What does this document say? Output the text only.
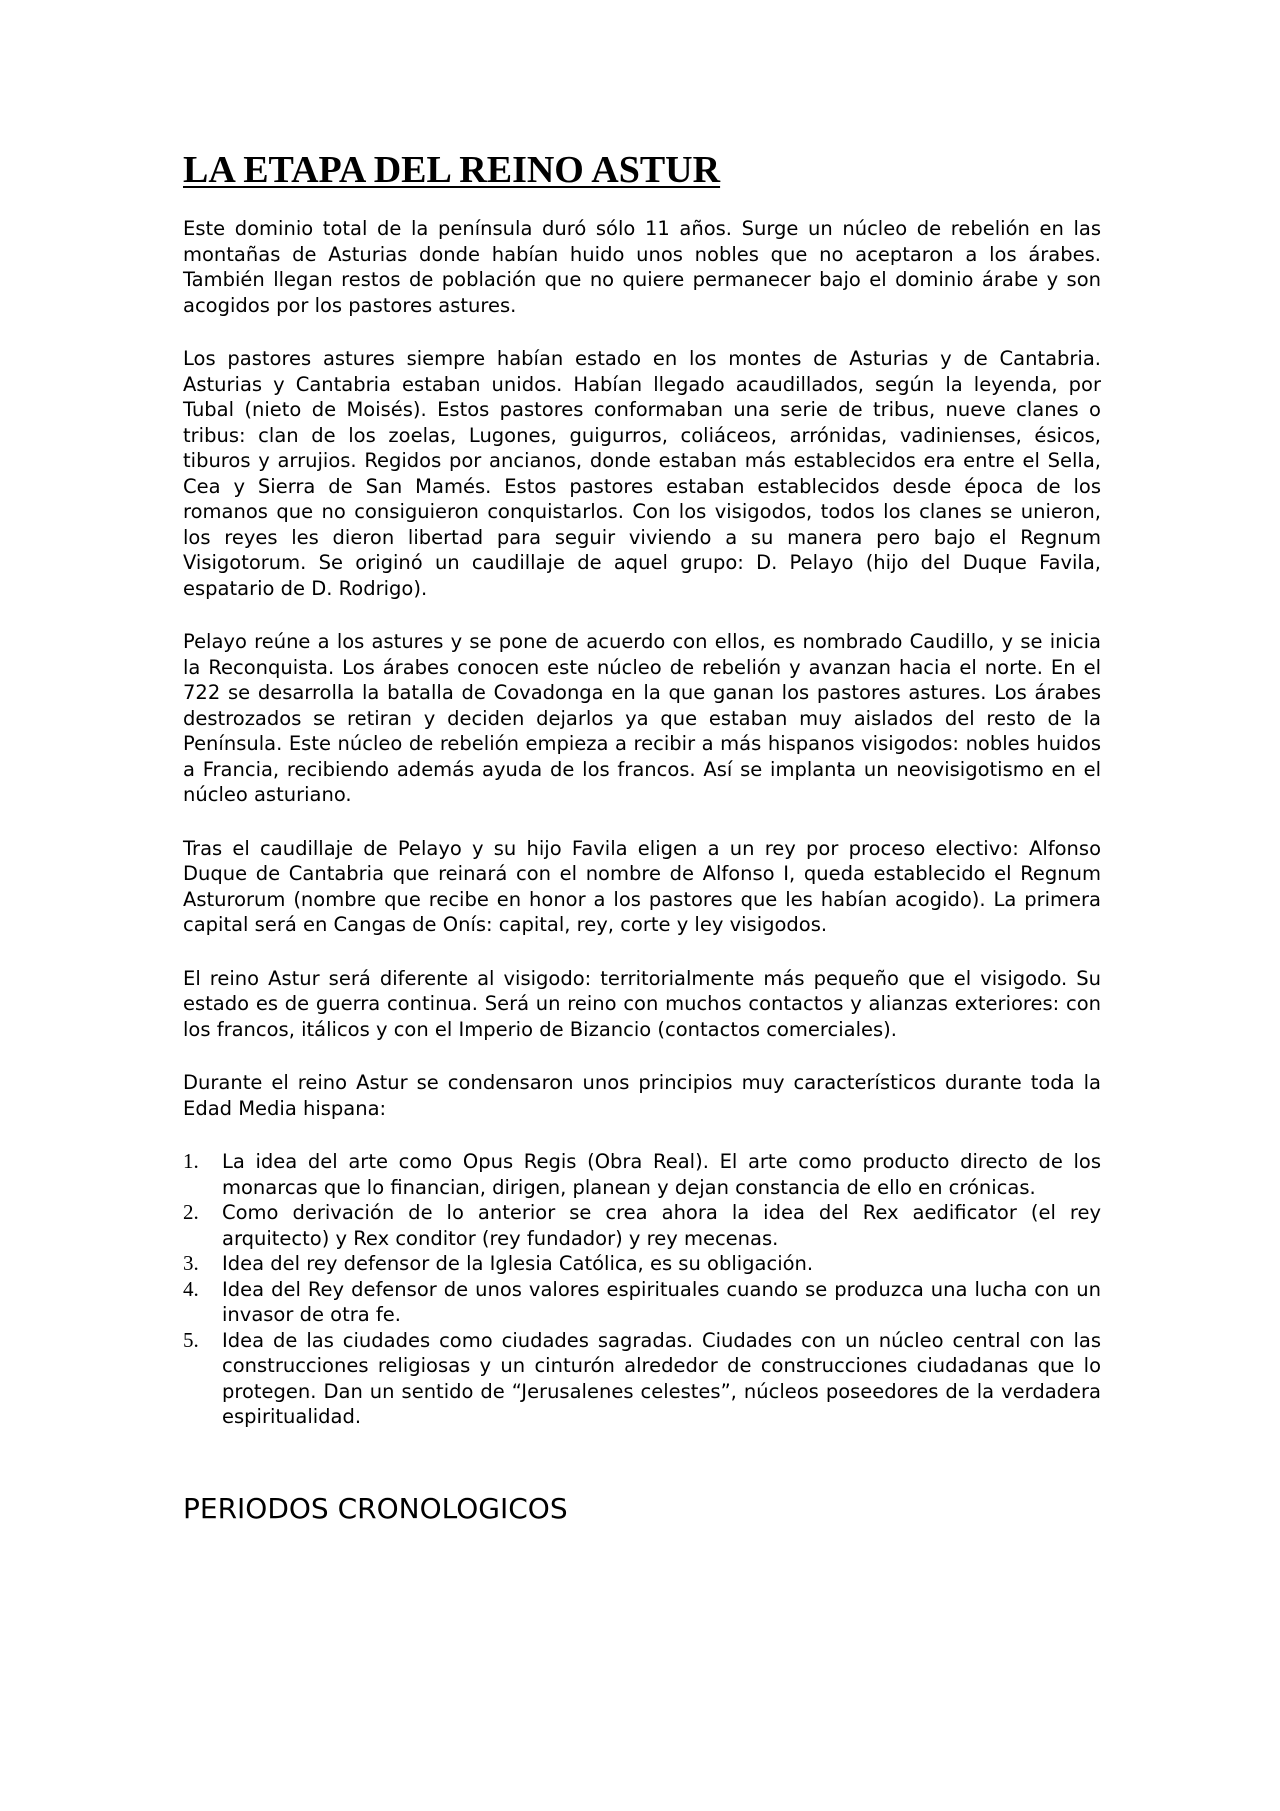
LA ETAPA DEL REINO ASTUR

Este dominio total de la península duró sólo 11 años. Surge un núcleo de rebelión en las montañas de Asturias donde habían huido unos nobles que no aceptaron a los árabes. También llegan restos de población que no quiere permanecer bajo el dominio árabe y son acogidos por los pastores astures.

Los pastores astures siempre habían estado en los montes de Asturias y de Cantabria. Asturias y Cantabria estaban unidos. Habían llegado acaudillados, según la leyenda, por Tubal (nieto de Moisés). Estos pastores conformaban una serie de tribus, nueve clanes o tribus: clan de los zoelas, Lugones, guigurros, coliáceos, arrónidas, vadinienses, ésicos, tiburos y arrujios. Regidos por ancianos, donde estaban más establecidos era entre el Sella, Cea y Sierra de San Mamés. Estos pastores estaban establecidos desde época de los romanos que no consiguieron conquistarlos. Con los visigodos, todos los clanes se unieron, los reyes les dieron libertad para seguir viviendo a su manera pero bajo el Regnum Visigotorum. Se originó un caudillaje de aquel grupo: D. Pelayo (hijo del Duque Favila, espatario de D. Rodrigo).

Pelayo reúne a los astures y se pone de acuerdo con ellos, es nombrado Caudillo, y se inicia la Reconquista. Los árabes conocen este núcleo de rebelión y avanzan hacia el norte. En el 722 se desarrolla la batalla de Covadonga en la que ganan los pastores astures. Los árabes destrozados se retiran y deciden dejarlos ya que estaban muy aislados del resto de la Península. Este núcleo de rebelión empieza a recibir a más hispanos visigodos: nobles huidos a Francia, recibiendo además ayuda de los francos. Así se implanta un neovisigotismo en el núcleo asturiano.

Tras el caudillaje de Pelayo y su hijo Favila eligen a un rey por proceso electivo: Alfonso Duque de Cantabria que reinará con el nombre de Alfonso I, queda establecido el Regnum Asturorum (nombre que recibe en honor a los pastores que les habían acogido). La primera capital será en Cangas de Onís: capital, rey, corte y ley visigodos.

El reino Astur será diferente al visigodo: territorialmente más pequeño que el visigodo. Su estado es de guerra continua. Será un reino con muchos contactos y alianzas exteriores: con los francos, itálicos y con el Imperio de Bizancio (contactos comerciales).

Durante el reino Astur se condensaron unos principios muy característicos durante toda la Edad Media hispana:

1.	La idea del arte como Opus Regis (Obra Real). El arte como producto directo de los monarcas que lo financian, dirigen, planean y dejan constancia de ello en crónicas.
2.	Como derivación de lo anterior se crea ahora la idea del Rex aedificator (el rey arquitecto) y Rex conditor (rey fundador) y rey mecenas.
3.	Idea del rey defensor de la Iglesia Católica, es su obligación.
4.	Idea del Rey defensor de unos valores espirituales cuando se produzca una lucha con un invasor de otra fe.
5.	Idea de las ciudades como ciudades sagradas. Ciudades con un núcleo central con las construcciones religiosas y un cinturón alrededor de construcciones ciudadanas que lo protegen. Dan un sentido de “Jerusalenes celestes”, núcleos poseedores de la verdadera espiritualidad.
PERIODOS CRONOLOGICOS
